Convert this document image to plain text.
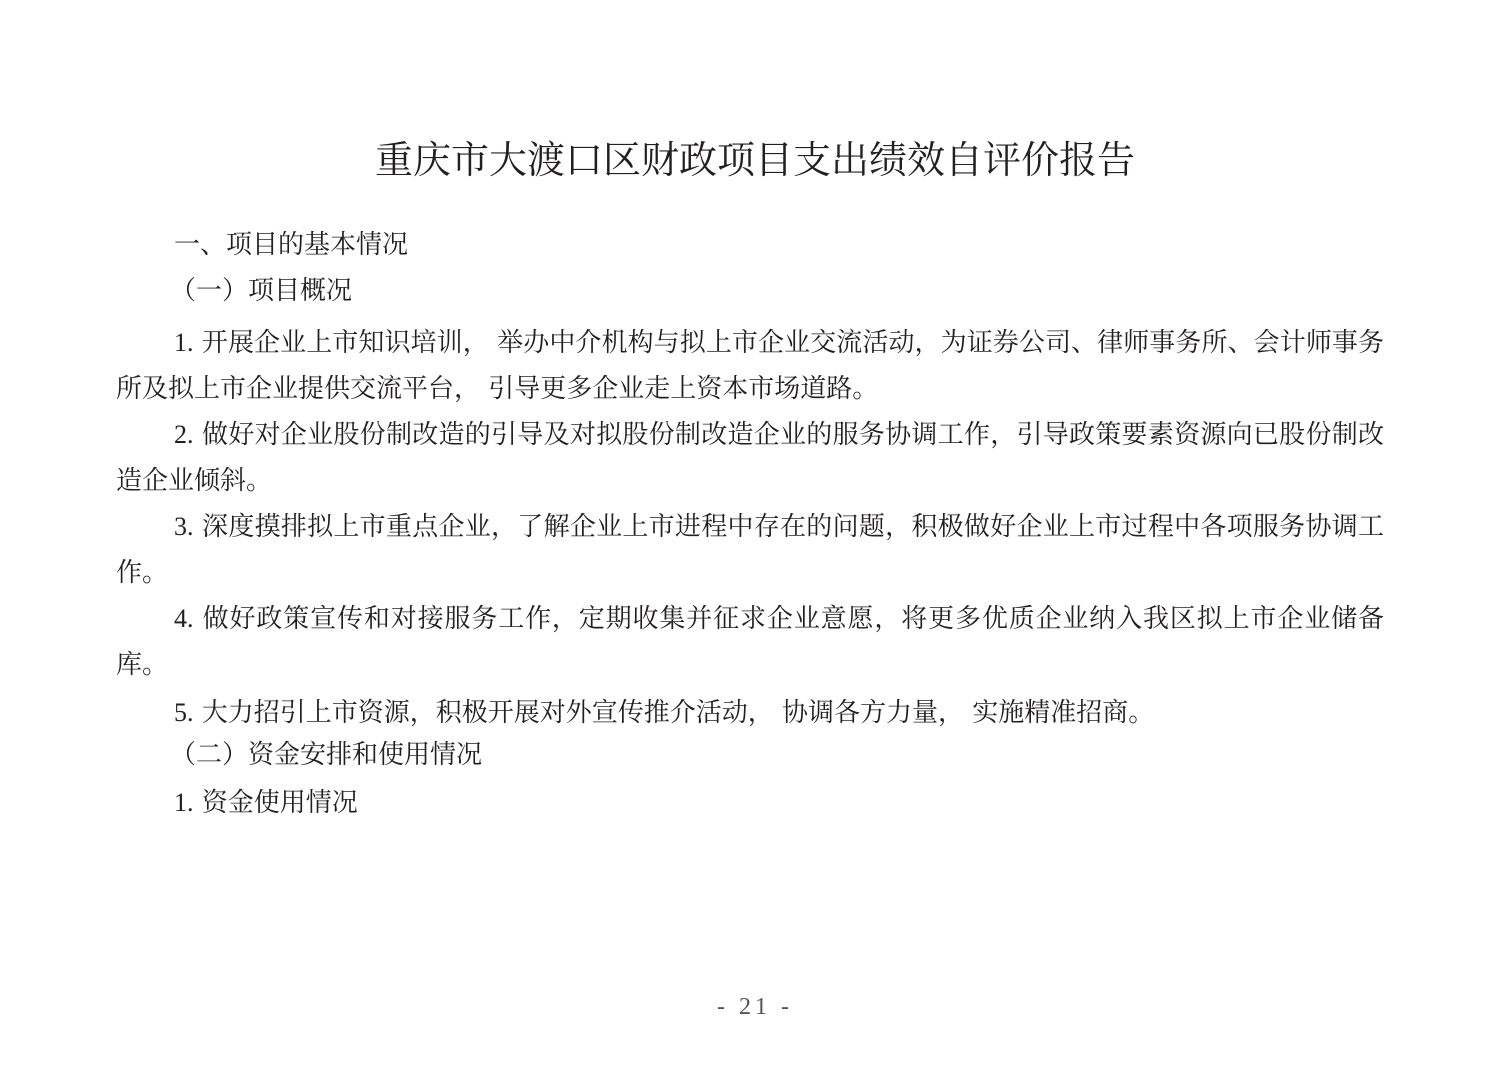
重庆市大渡口区财政项目支出绩效自评价报告
一、项目的基本情况
（一）项目概况
1. 开展企业上市知识培训， 举办中介机构与拟上市企业交流活动，为证券公司、律师事务所、会计师事务所及拟上市企业提供交流平台， 引导更多企业走上资本市场道路。
2. 做好对企业股份制改造的引导及对拟股份制改造企业的服务协调工作，引导政策要素资源向已股份制改造企业倾斜。
3. 深度摸排拟上市重点企业，了解企业上市进程中存在的问题，积极做好企业上市过程中各项服务协调工作。
4. 做好政策宣传和对接服务工作，定期收集并征求企业意愿，将更多优质企业纳入我区拟上市企业储备库。
5. 大力招引上市资源，积极开展对外宣传推介活动， 协调各方力量， 实施精准招商。
（二）资金安排和使用情况
1. 资金使用情况
- 21 -
